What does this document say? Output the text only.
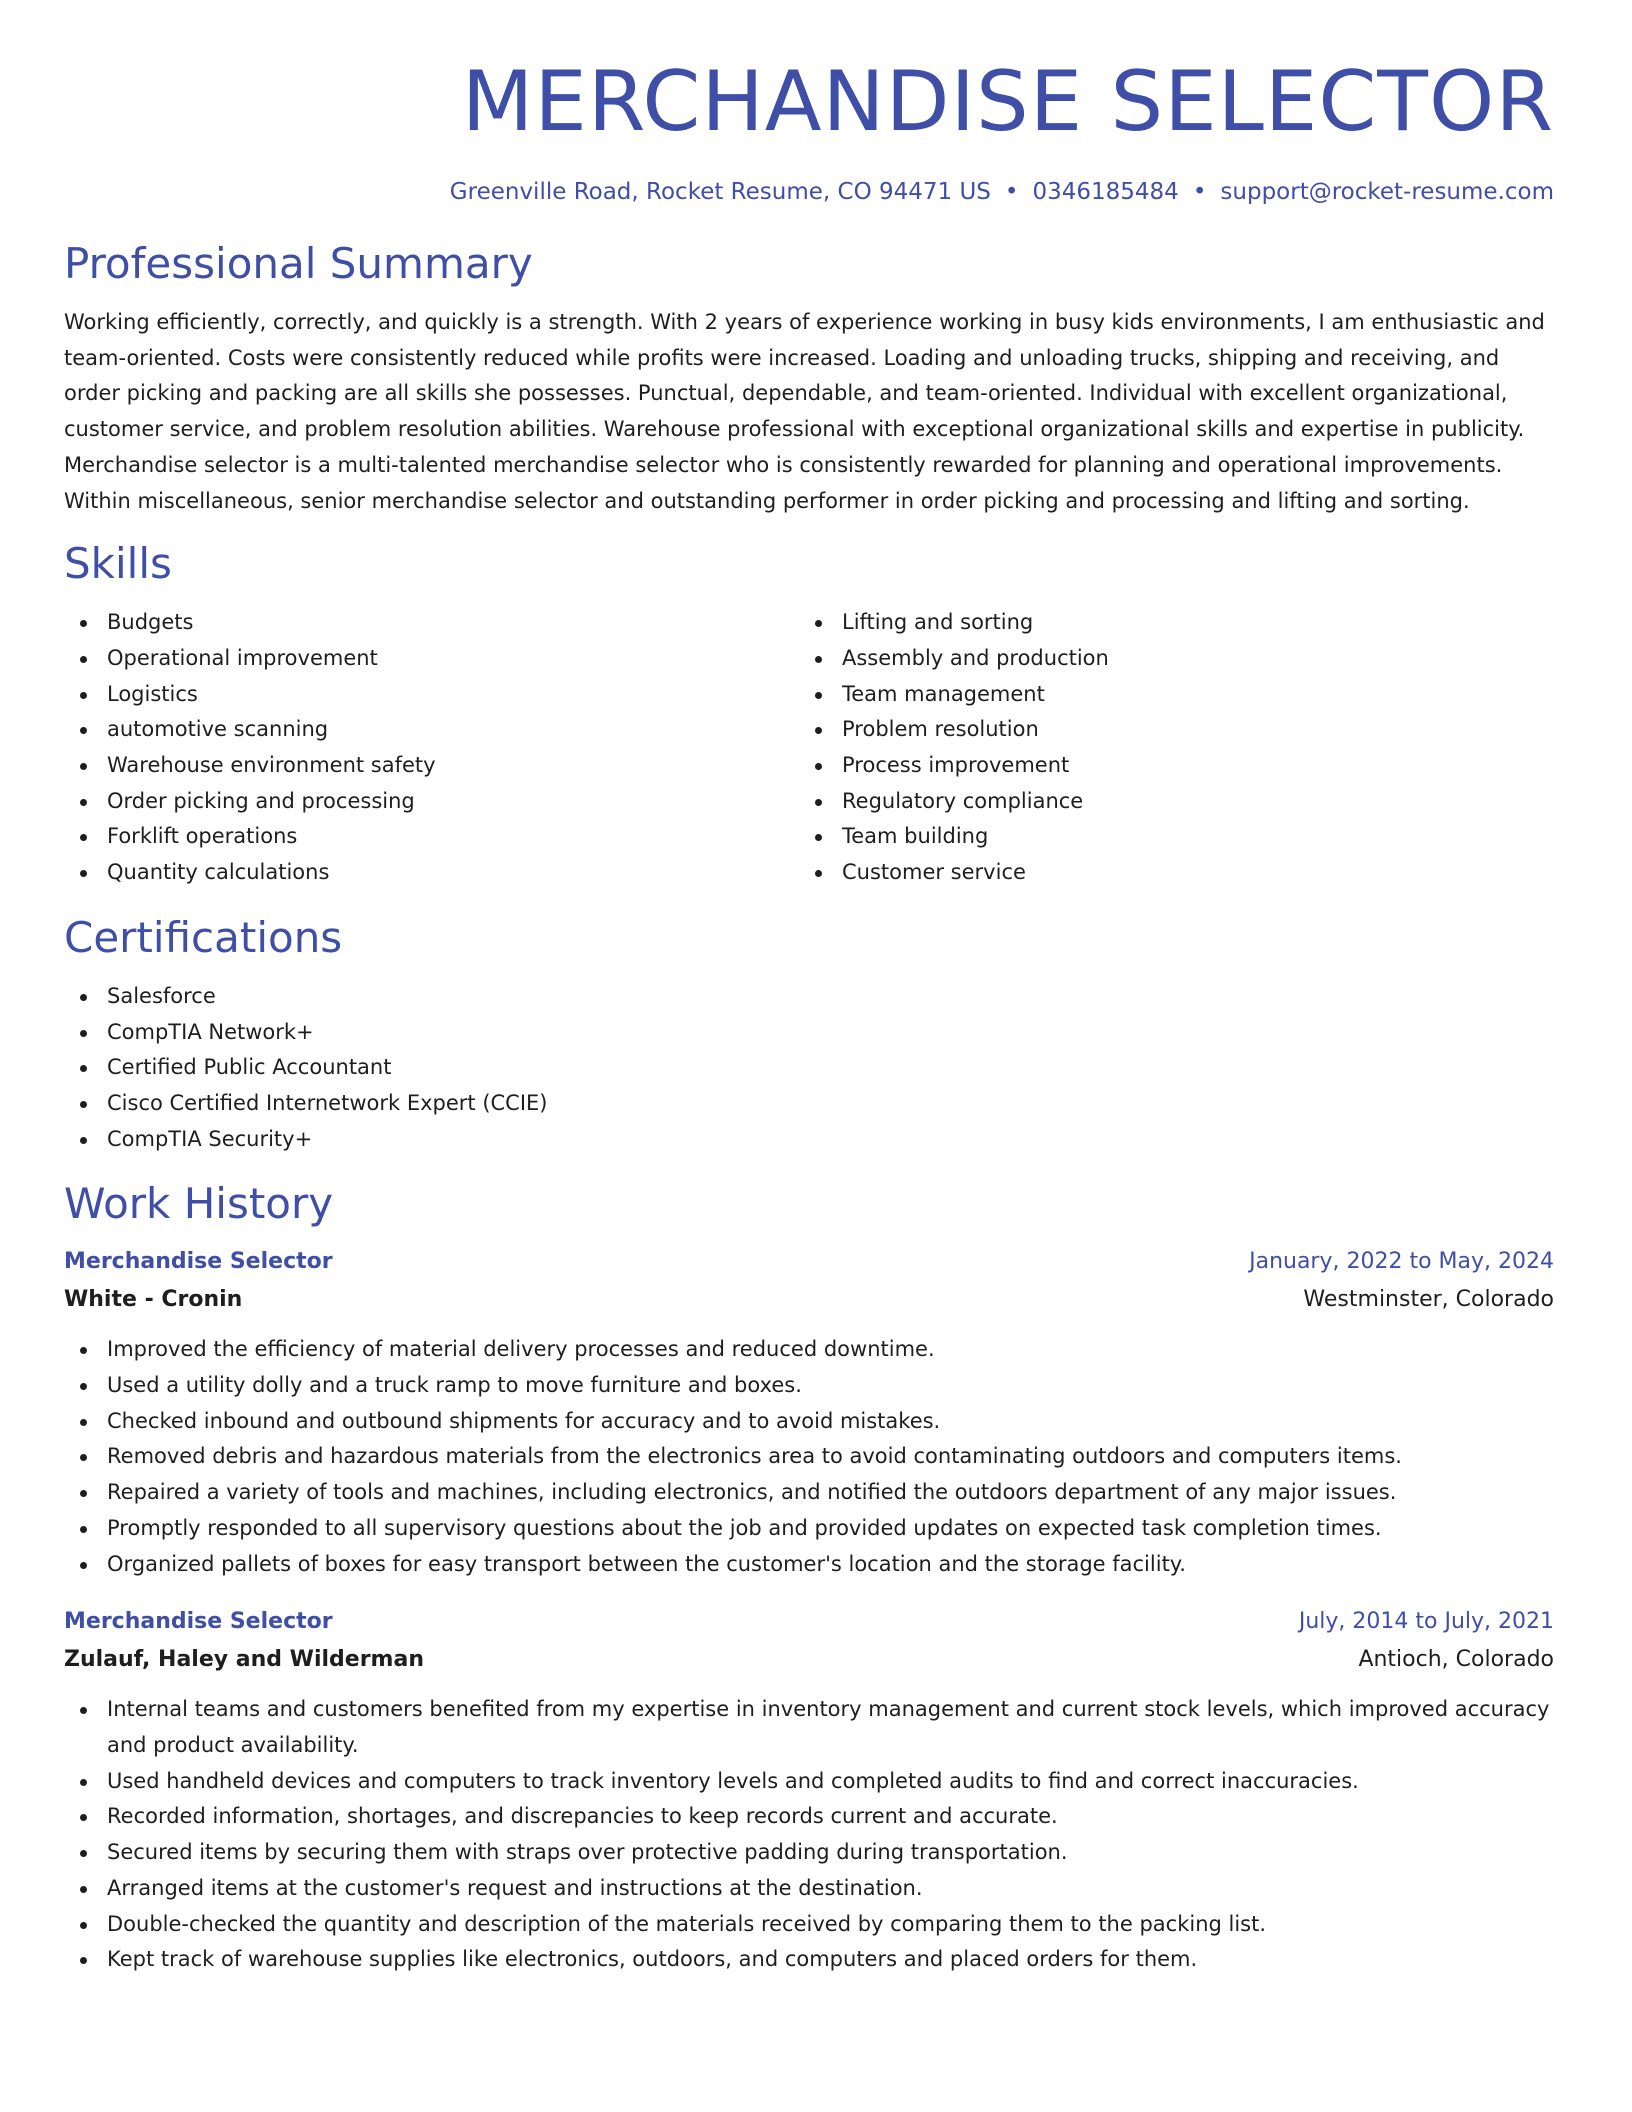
MERCHANDISE SELECTOR
Greenville Road, Rocket Resume, CO 94471 US • 0346185484 • support@rocket-resume.com
Professional Summary

Working efficiently, correctly, and quickly is a strength. With 2 years of experience working in busy kids environments, I am enthusiastic and team-oriented. Costs were consistently reduced while profits were increased. Loading and unloading trucks, shipping and receiving, and order picking and packing are all skills she possesses. Punctual, dependable, and team-oriented. Individual with excellent organizational, customer service, and problem resolution abilities. Warehouse professional with exceptional organizational skills and expertise in publicity. Merchandise selector is a multi-talented merchandise selector who is consistently rewarded for planning and operational improvements. Within miscellaneous, senior merchandise selector and outstanding performer in order picking and processing and lifting and sorting.

Skills
Budgets
Operational improvement
Logistics
automotive scanning
Warehouse environment safety
Order picking and processing
Forklift operations
Quantity calculations
Lifting and sorting
Assembly and production
Team management
Problem resolution
Process improvement
Regulatory compliance
Team building
Customer service
Certifications
Salesforce
CompTIA Network+
Certified Public Accountant
Cisco Certified Internetwork Expert (CCIE)
CompTIA Security+
Work History
Merchandise Selector	January, 2022 to May, 2024
White - Cronin	Westminster, Colorado
Improved the efficiency of material delivery processes and reduced downtime.
Used a utility dolly and a truck ramp to move furniture and boxes.
Checked inbound and outbound shipments for accuracy and to avoid mistakes.
Removed debris and hazardous materials from the electronics area to avoid contaminating outdoors and computers items.
Repaired a variety of tools and machines, including electronics, and notified the outdoors department of any major issues.
Promptly responded to all supervisory questions about the job and provided updates on expected task completion times.
Organized pallets of boxes for easy transport between the customer's location and the storage facility.
Merchandise Selector	July, 2014 to July, 2021
Zulauf, Haley and Wilderman	Antioch, Colorado
Internal teams and customers benefited from my expertise in inventory management and current stock levels, which improved accuracy and product availability.
Used handheld devices and computers to track inventory levels and completed audits to find and correct inaccuracies.
Recorded information, shortages, and discrepancies to keep records current and accurate.
Secured items by securing them with straps over protective padding during transportation.
Arranged items at the customer's request and instructions at the destination.
Double-checked the quantity and description of the materials received by comparing them to the packing list.
Kept track of warehouse supplies like electronics, outdoors, and computers and placed orders for them.
